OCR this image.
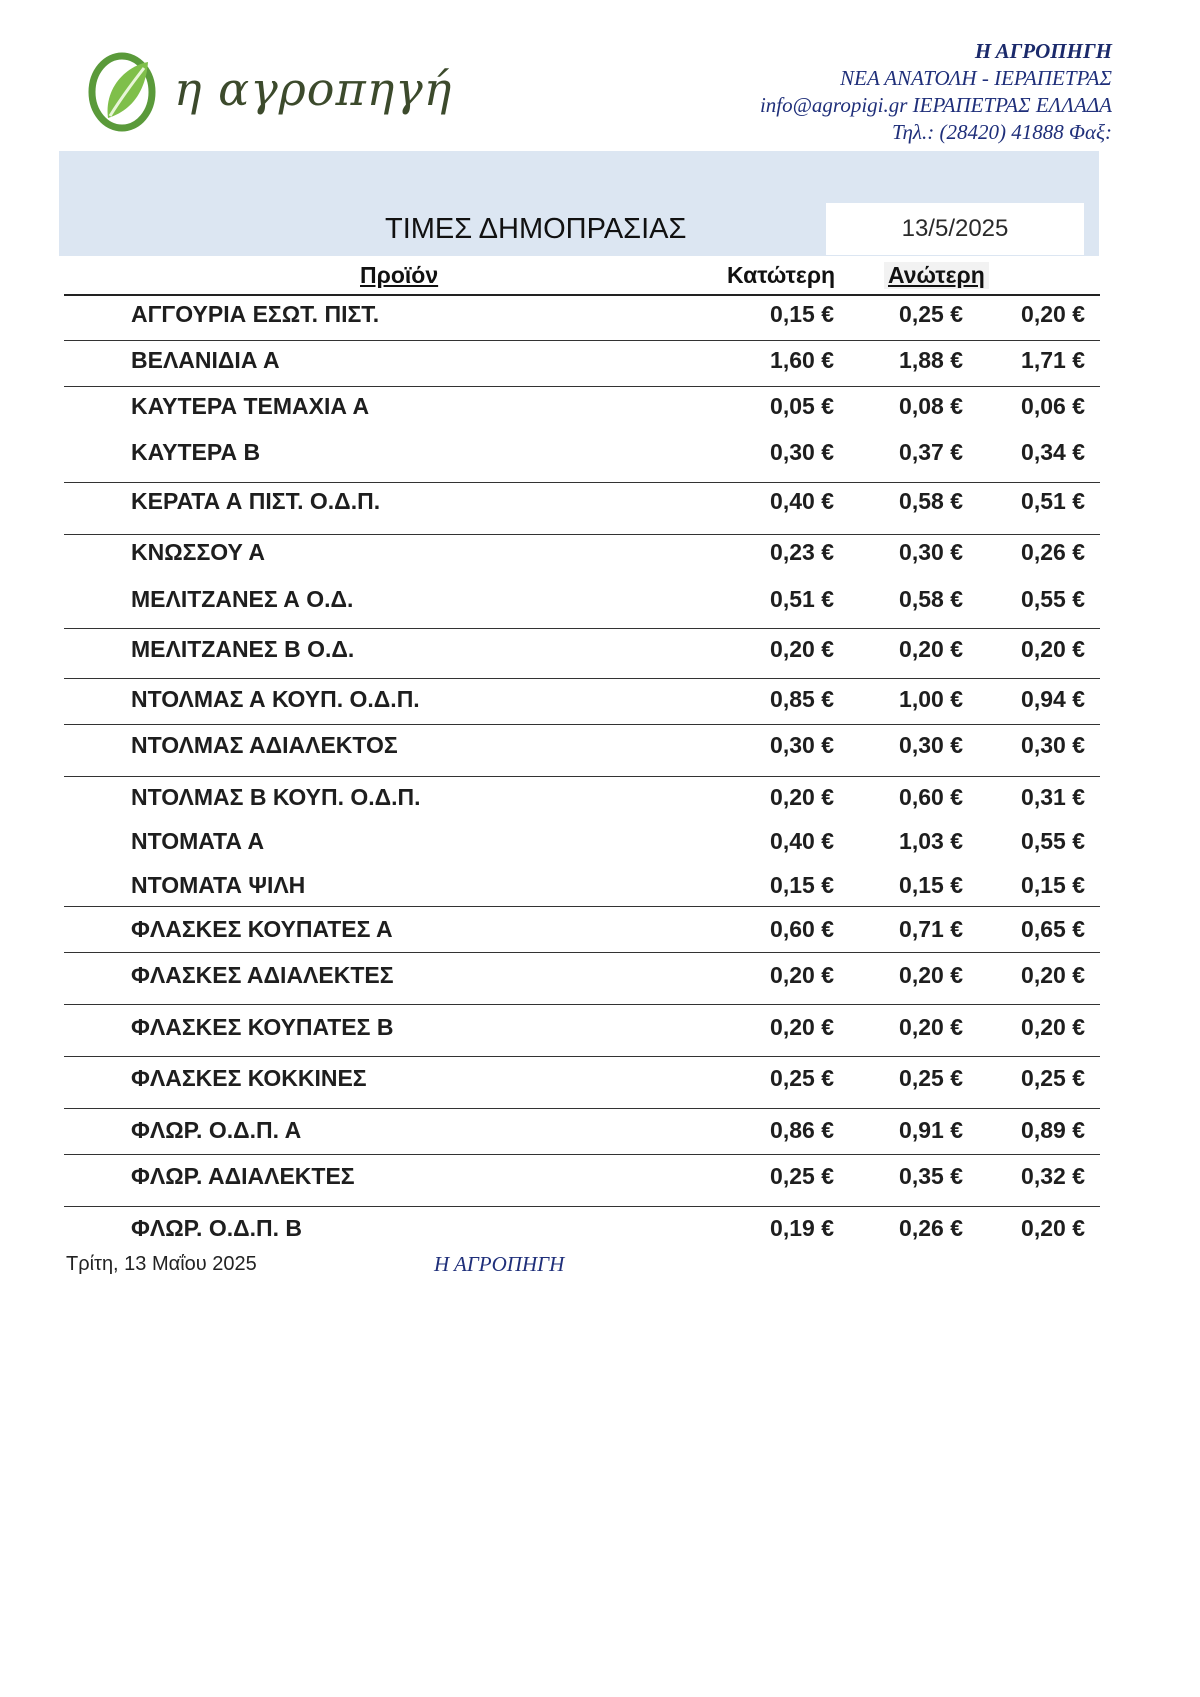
η αγροπηγή
Η ΑΓΡΟΠΗΓΗ
ΝΕΑ ΑΝΑΤΟΛΗ - ΙΕΡΑΠΕΤΡΑΣ
info@agropigi.gr ΙΕΡΑΠΕΤΡΑΣ ΕΛΛΑΔΑ
Τηλ.: (28420) 41888 Φαξ:
13/5/2025
ΤΙΜΕΣ ΔΗΜΟΠΡΑΣΙΑΣ
Προϊόν	Κατώτερη Ανώτερη
ΑΓΓΟΥΡΙΑ ΕΣΩΤ. ΠΙΣΤ.	0,15 €	0,25 €	0,20 €
ΒΕΛΑΝΙΔΙΑ Α	1,60 €	1,88 €	1,71 €
ΚΑΥΤΕΡΑ ΤΕΜΑΧΙΑ Α	0,05 €	0,08 €	0,06 €
ΚΑΥΤΕΡΑ Β	0,30 €	0,37 €	0,34 €
ΚΕΡΑΤΑ Α ΠΙΣΤ. Ο.Δ.Π.	0,40 €	0,58 €	0,51 €
ΚΝΩΣΣΟΥ Α	0,23 €	0,30 €	0,26 €
ΜΕΛΙΤΖΑΝΕΣ Α Ο.Δ.	0,51 €	0,58 €	0,55 €
ΜΕΛΙΤΖΑΝΕΣ Β Ο.Δ.	0,20 €	0,20 €	0,20 €
ΝΤΟΛΜΑΣ Α ΚΟΥΠ. Ο.Δ.Π.	0,85 €	1,00 €	0,94 €
ΝΤΟΛΜΑΣ ΑΔΙΑΛΕΚΤΟΣ	0,30 €	0,30 €	0,30 €
ΝΤΟΛΜΑΣ Β ΚΟΥΠ. Ο.Δ.Π.	0,20 €	0,60 €	0,31 €
ΝΤΟΜΑΤΑ Α	0,40 €	1,03 €	0,55 €
ΝΤΟΜΑΤΑ ΨΙΛΗ	0,15 €	0,15 €	0,15 €
ΦΛΑΣΚΕΣ ΚΟΥΠΑΤΕΣ Α	0,60 €	0,71 €	0,65 €
ΦΛΑΣΚΕΣ ΑΔΙΑΛΕΚΤΕΣ	0,20 €	0,20 €	0,20 €
ΦΛΑΣΚΕΣ ΚΟΥΠΑΤΕΣ Β	0,20 €	0,20 €	0,20 €
ΦΛΑΣΚΕΣ ΚΟΚΚΙΝΕΣ	0,25 €	0,25 €	0,25 €
ΦΛΩΡ. Ο.Δ.Π. Α	0,86 €	0,91 €	0,89 €
ΦΛΩΡ. ΑΔΙΑΛΕΚΤΕΣ	0,25 €	0,35 €	0,32 €
ΦΛΩΡ. Ο.Δ.Π. Β	0,19 €	0,26 €	0,20 €
Τρίτη, 13 Μαΐου 2025	Η ΑΓΡΟΠΗΓΗ
